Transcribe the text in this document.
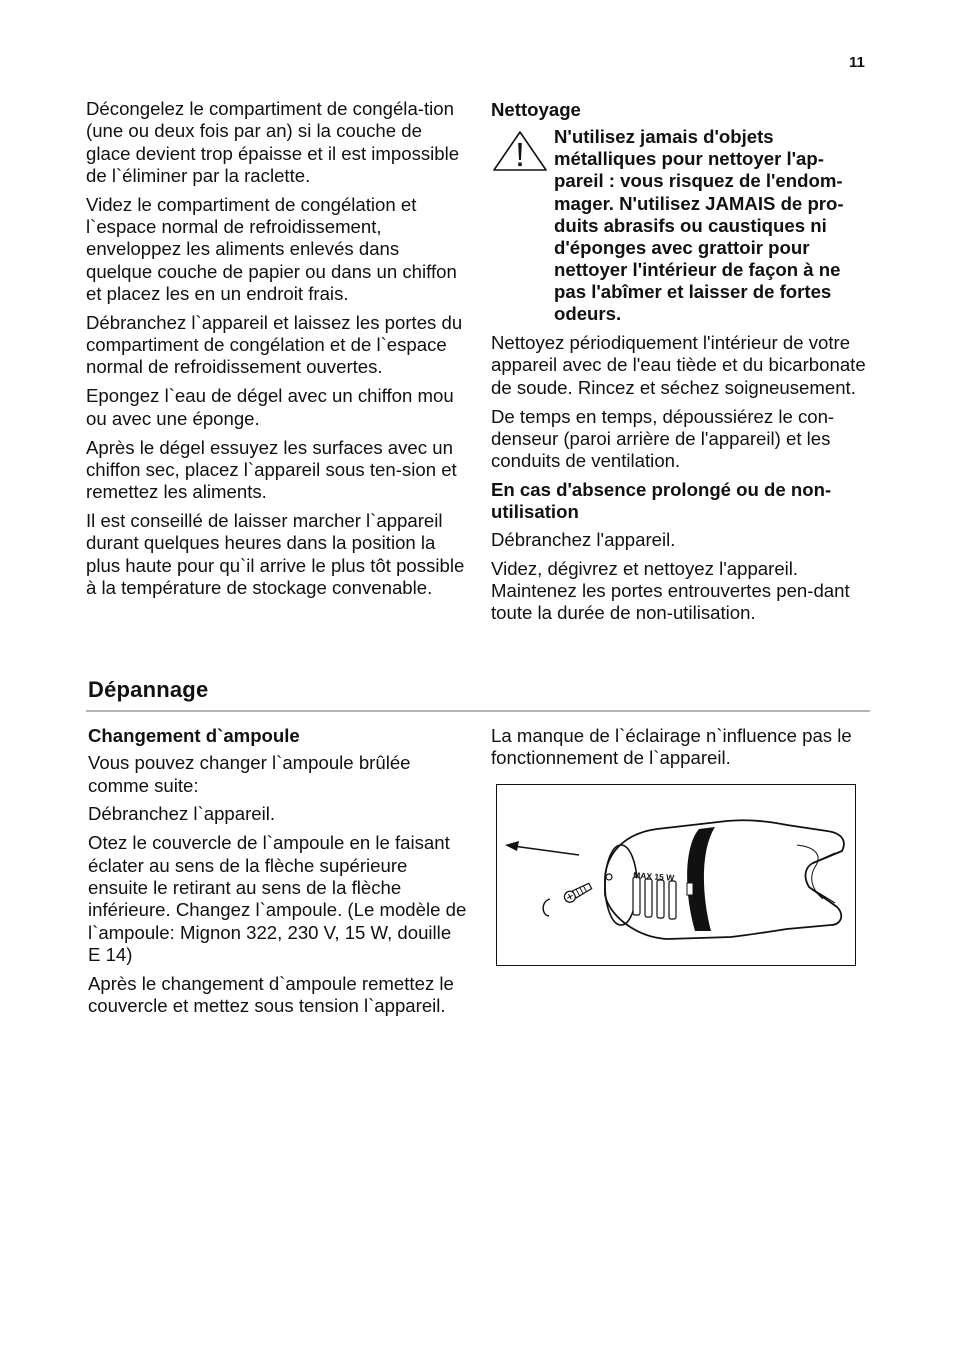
11

Décongelez le compartiment de congéla-tion (une ou deux fois par an) si la couche de glace devient trop épaisse et il est impossible de l`éliminer par la raclette.

Videz le compartiment de congélation et l`espace normal de refroidissement, enveloppez les aliments enlevés dans quelque couche de papier ou dans un chiffon et placez les en un endroit frais.

Débranchez l`appareil et laissez les portes du compartiment de congélation et de l`espace normal de refroidissement ouvertes.

Epongez l`eau de dégel avec un chiffon mou ou avec une éponge.

Après le dégel essuyez les surfaces avec un chiffon sec, placez l`appareil sous ten-sion et remettez les aliments.

Il est conseillé de laisser marcher l`appareil durant quelques heures dans la position la plus haute pour qu`il arrive le plus tôt possible à la température de stockage convenable.

Nettoyage
N'utilisez jamais d'objets métalliques pour nettoyer l'ap-pareil : vous risquez de l'endom-mager. N'utilisez JAMAIS de pro-duits abrasifs ou caustiques ni d'éponges avec grattoir pour nettoyer l'intérieur de façon à ne pas l'abîmer et laisser de fortes odeurs.

Nettoyez périodiquement l'intérieur de votre appareil avec de l'eau tiède et du bicarbonate de soude. Rincez et séchez soigneusement.

De temps en temps, dépoussiérez le con-denseur (paroi arrière de l'appareil) et les conduits de ventilation.

En cas d'absence prolongé ou de non-utilisation

Débranchez l'appareil.

Videz, dégivrez et nettoyez l'appareil. Maintenez les portes entrouvertes pen-dant toute la durée de non-utilisation.

Dépannage
Changement d`ampoule

Vous pouvez changer l`ampoule brûlée comme suite:

Débranchez l`appareil.

Otez le couvercle de l`ampoule en le faisant éclater au sens de la flèche supérieure ensuite le retirant au sens de la flèche inférieure. Changez l`ampoule. (Le modèle de l`ampoule: Mignon 322, 230 V, 15 W, douille E 14)

Après le changement d`ampoule remettez le couvercle et mettez sous tension l`appareil.

La manque de l`éclairage n`influence pas le fonctionnement de l`appareil.

MAX 15 W
